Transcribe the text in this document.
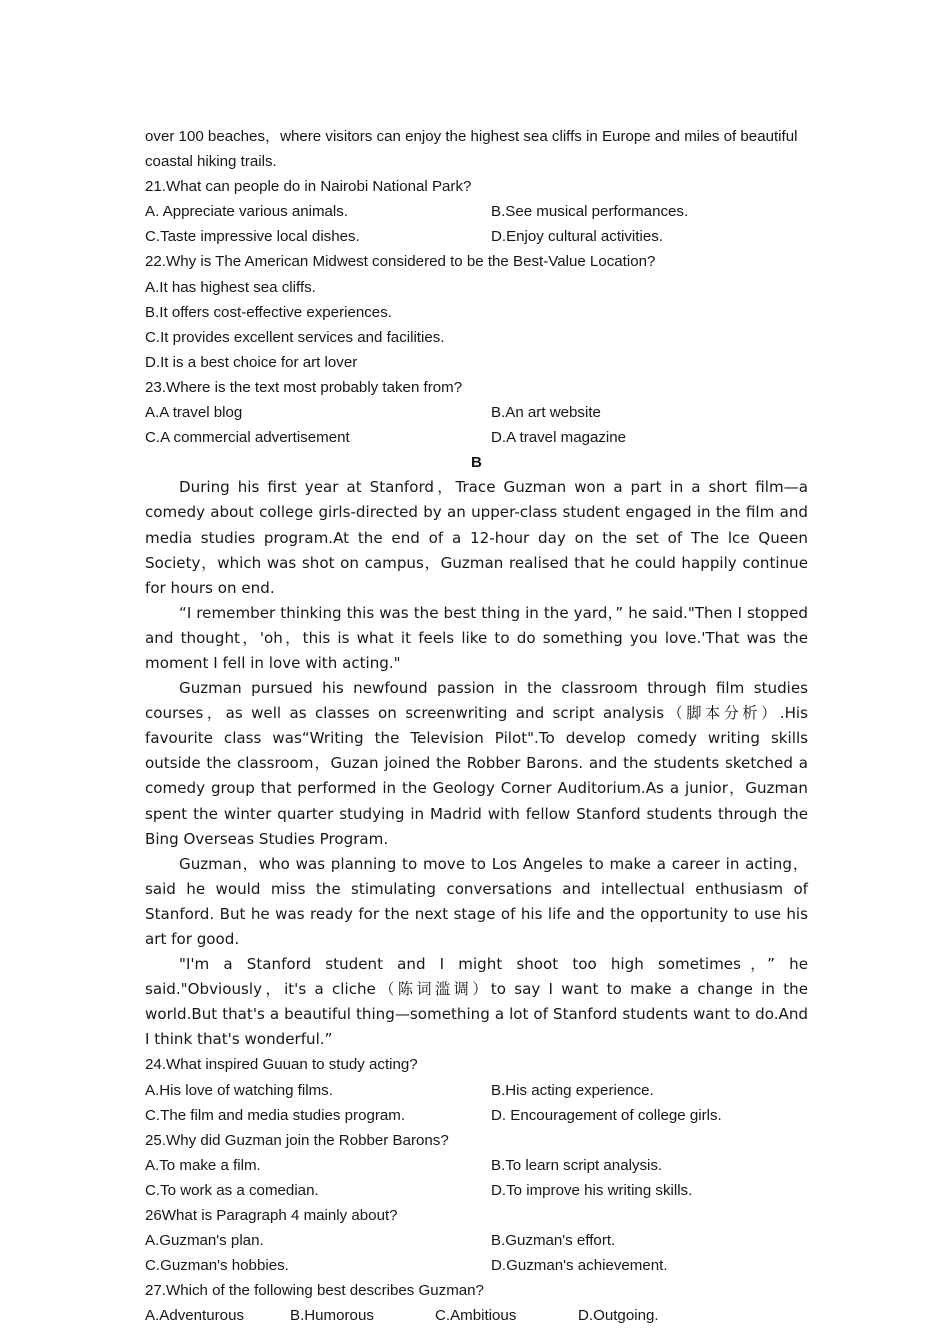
over 100 beaches，where visitors can enjoy the highest sea cliffs in Europe and miles of beautiful
coastal hiking trails.
21.What can people do in Nairobi National Park?
A. Appreciate various animals.	B.See musical performances.
C.Taste impressive local dishes.	D.Enjoy cultural activities.
22.Why is The American Midwest considered to be the Best-Value Location?
A.It has highest sea cliffs.
B.It offers cost-effective experiences.
C.It provides excellent services and facilities.
D.It is a best choice for art lover
23.Where is the text most probably taken from?
A.A travel blog	B.An art website
C.A commercial advertisement	D.A travel magazine
B

During his first year at Stanford，Trace Guzman won a part in a short film—a comedy about college girls-directed by an upper-class student engaged in the film and media studies program.At the end of a 12-hour day on the set of The lce Queen Society，which was shot on campus，Guzman realised that he could happily continue for hours on end.

“I remember thinking this was the best thing in the yard，” he said."Then I stopped and thought，'oh，this is what it feels like to do something you love.'That was the moment I fell in love with acting."

Guzman pursued his newfound passion in the classroom through film studies courses，as well as classes on screenwriting and script analysis（脚本分析）.His favourite class was“Writing the Television Pilot".To develop comedy writing skills outside the classroom，Guzan joined the Robber Barons. and the students sketched a comedy group that performed in the Geology Corner Auditorium.As a junior，Guzman spent the winter quarter studying in Madrid with fellow Stanford students through the Bing Overseas Studies Program.

Guzman，who was planning to move to Los Angeles to make a career in acting，said he would miss the stimulating conversations and intellectual enthusiasm of Stanford. But he was ready for the next stage of his life and the opportunity to use his art for good.

"I'm a Stanford student and I might shoot too high sometimes，” he said."Obviously，it's a cliche（陈词滥调）to say I want to make a change in the world.But that's a beautiful thing—something a lot of Stanford students want to do.And I think that's wonderful.”

24.What inspired Guuan to study acting?
A.His love of watching films.	B.His acting experience.
C.The film and media studies program.	D. Encouragement of college girls.
25.Why did Guzman join the Robber Barons?
A.To make a film.	B.To learn script analysis.
C.To work as a comedian.	D.To improve his writing skills.
26What is Paragraph 4 mainly about?
A.Guzman's plan.	B.Guzman's effort.
C.Guzman's hobbies.	D.Guzman's achievement.
27.Which of the following best describes Guzman?
A.Adventurous	B.Humorous	C.Ambitious	D.Outgoing.
